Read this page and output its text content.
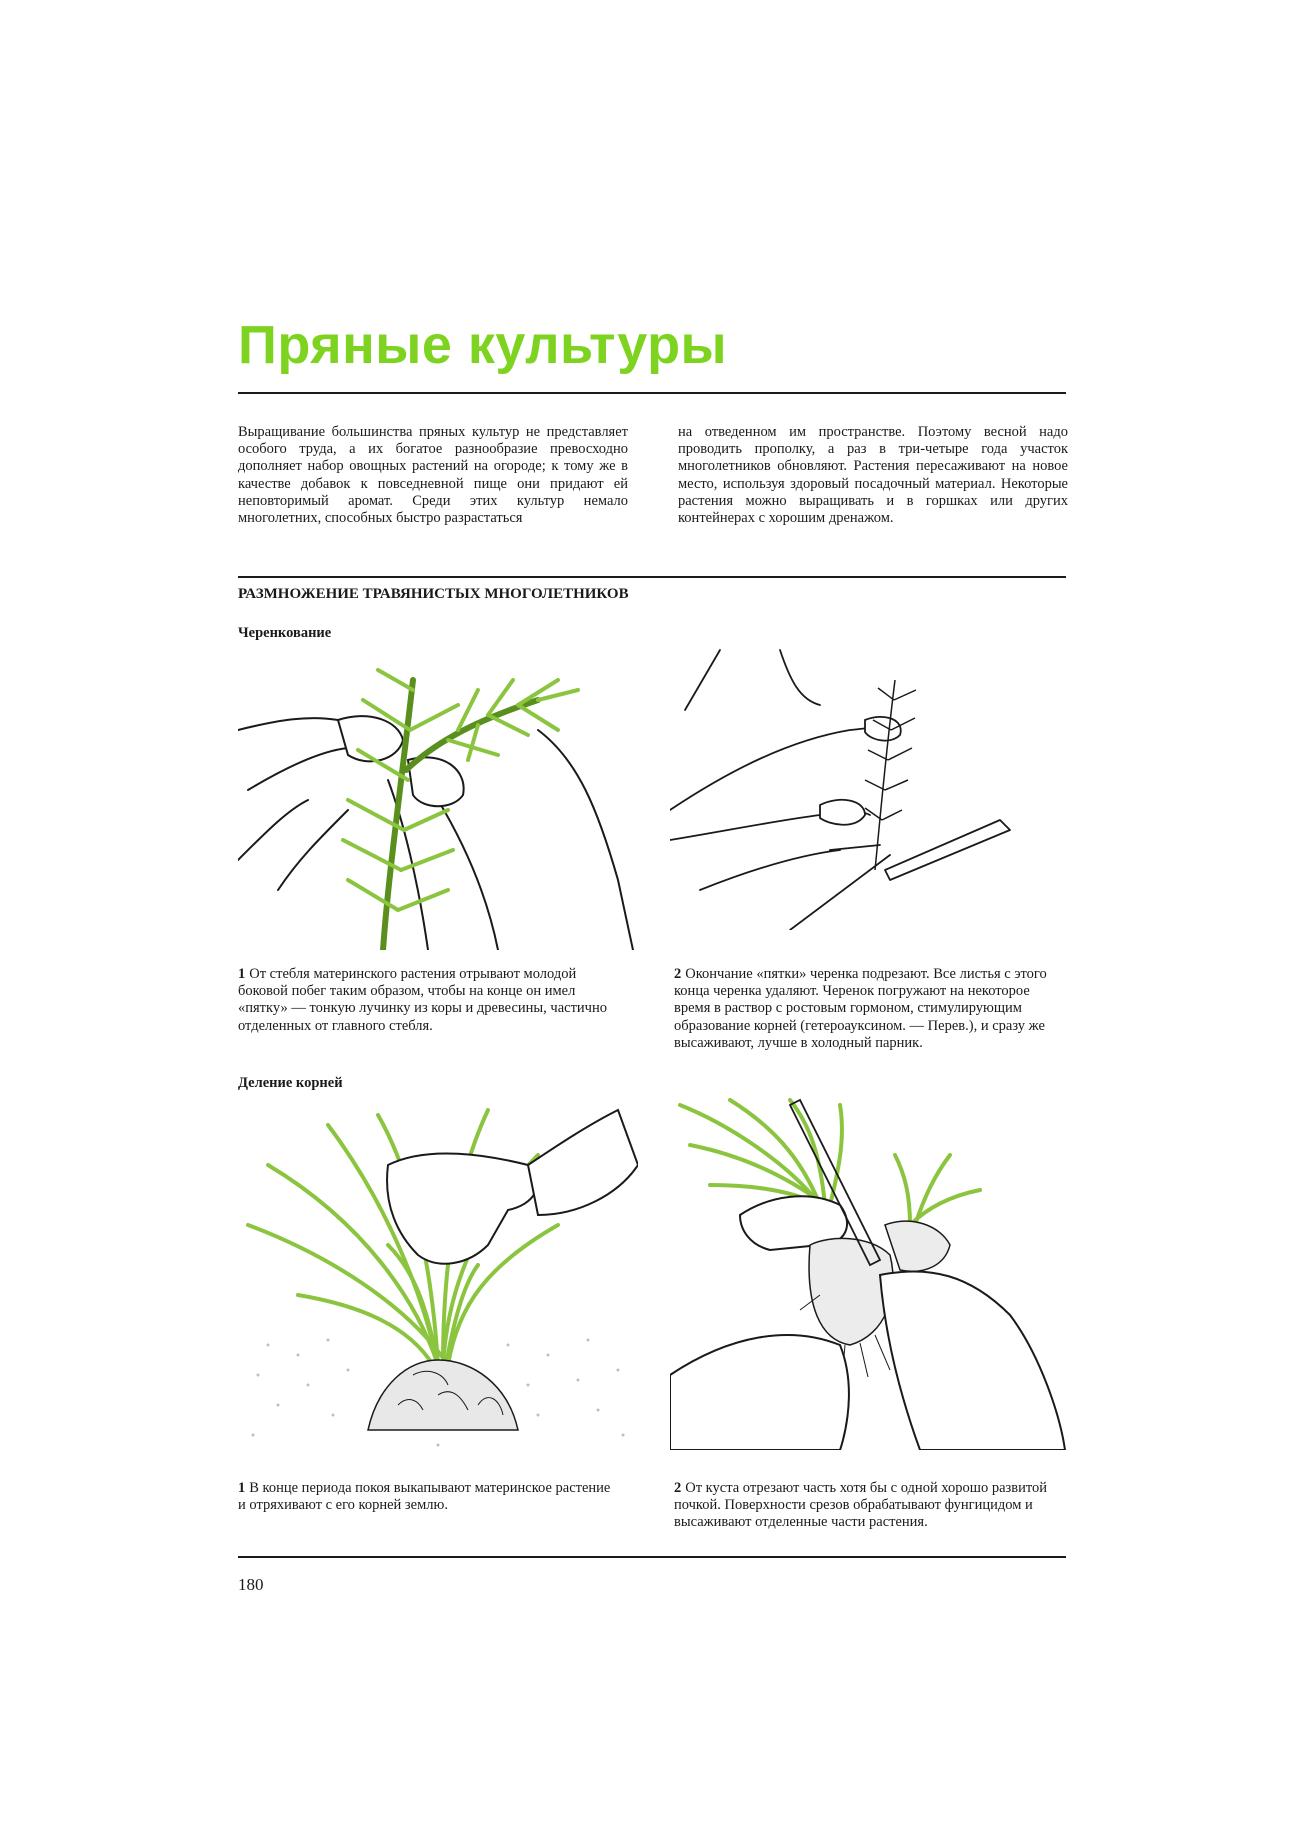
Пряные культуры

Выращивание большинства пряных культур не представляет особого труда, а их богатое разнообразие превосходно дополняет набор овощных растений на огороде; к тому же в качестве добавок к повседневной пище они придают ей неповторимый аромат. Среди этих культур немало многолетних, способных быстро разрастаться

на отведенном им пространстве. Поэтому весной надо проводить прополку, а раз в три-четыре года участок многолетников обновляют. Растения пересаживают на новое место, используя здоровый посадочный материал. Некоторые растения можно выращивать и в горшках или других контейнерах с хорошим дренажом.

РАЗМНОЖЕНИЕ ТРАВЯНИСТЫХ МНОГОЛЕТНИКОВ
Черенкование

1 От стебля материнского растения отрывают молодой боковой побег таким образом, чтобы на конце он имел «пятку» — тонкую лучинку из коры и древесины, частично отделенных от главного стебля.

2 Окончание «пятки» черенка подрезают. Все листья с этого конца черенка удаляют. Черенок погружают на некоторое время в раствор с ростовым гормоном, стимулирующим образование корней (гетероауксином. — Перев.), и сразу же высаживают, лучше в холодный парник.

Деление корней

1 В конце периода покоя выкапывают материнское растение и отряхивают с его корней землю.

2 От куста отрезают часть хотя бы с одной хорошо развитой почкой. Поверхности срезов обрабатывают фунгицидом и высаживают отделенные части растения.

180
